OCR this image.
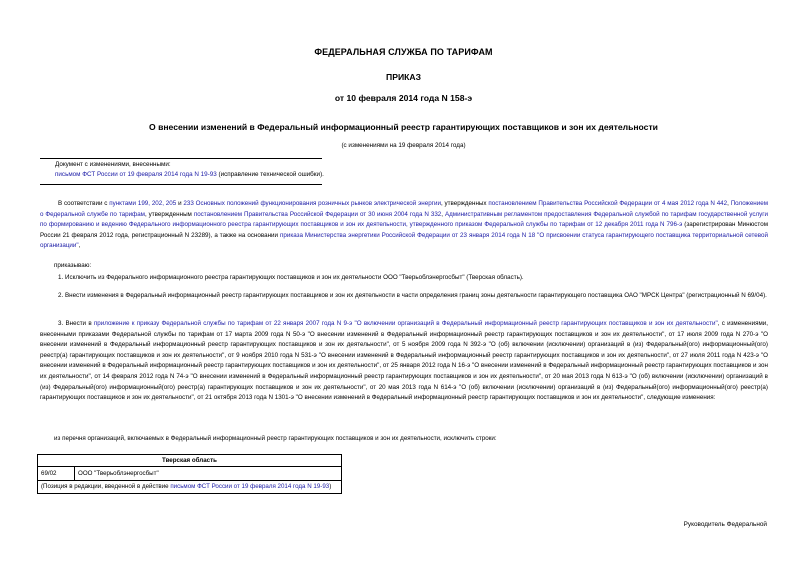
ФЕДЕРАЛЬНАЯ СЛУЖБА ПО ТАРИФАМ
ПРИКАЗ
от 10 февраля 2014 года N 158-э
О внесении изменений в Федеральный информационный реестр гарантирующих поставщиков и зон их деятельности
(с изменениями на 19 февраля 2014 года)
Документ с изменениями, внесенными:
письмом ФСТ России от 19 февраля 2014 года N 19-93 (исправление технической ошибки).
В соответствии с пунктами 199, 202, 205 и 233 Основных положений функционирования розничных рынков электрической энергии, утвержденных постановлением Правительства Российской Федерации от 4 мая 2012 года N 442, Положением о Федеральной службе по тарифам, утвержденным постановлением Правительства Российской Федерации от 30 июня 2004 года N 332, Административным регламентом предоставления Федеральной службой по тарифам государственной услуги по формированию и ведению Федерального информационного реестра гарантирующих поставщиков и зон их деятельности, утвержденного приказом Федеральной службы по тарифам от 12 декабря 2011 года N 796-э (зарегистрирован Минюстом России 21 февраля 2012 года, регистрационный N 23289), а также на основании приказа Министерства энергетики Российской Федерации от 23 января 2014 года N 18 "О присвоении статуса гарантирующего поставщика территориальной сетевой организации",
приказываю:
1. Исключить из Федерального информационного реестра гарантирующих поставщиков и зон их деятельности ООО "Тверьоблэнергосбыт" (Тверская область).
2. Внести изменения в Федеральный информационный реестр гарантирующих поставщиков и зон их деятельности в части определения границ зоны деятельности гарантирующего поставщика ОАО "МРСК Центра" (регистрационный N 69/04).
3. Внести в приложение к приказу Федеральной службы по тарифам от 22 января 2007 года N 9-э "О включении организаций в Федеральный информационный реестр гарантирующих поставщиков и зон их деятельности", с изменениями, внесенными приказами Федеральной службы по тарифам от 17 марта 2009 года N 50-э "О внесении изменений в Федеральный информационный реестр гарантирующих поставщиков и зон их деятельности", от 17 июля 2009 года N 270-э "О внесении изменений в Федеральный информационный реестр гарантирующих поставщиков и зон их деятельности", от 5 ноября 2009 года N 392-э "О (об) включении (исключении) организаций в (из) Федеральный(ого) информационный(ого) реестр(а) гарантирующих поставщиков и зон их деятельности", от 9 ноября 2010 года N 531-э "О внесении изменений в Федеральный информационный реестр гарантирующих поставщиков и зон их деятельности", от 27 июля 2011 года N 423-э "О внесении изменений в Федеральный информационный реестр гарантирующих поставщиков и зон их деятельности", от 25 января 2012 года N 16-э "О внесении изменений в Федеральный информационный реестр гарантирующих поставщиков и зон их деятельности", от 14 февраля 2012 года N 74-э "О внесении изменений в Федеральный информационный реестр гарантирующих поставщиков и зон их деятельности", от 20 мая 2013 года N 613-э "О (об) включении (исключении) организаций в (из) Федеральный(ого) информационный(ого) реестр(а) гарантирующих поставщиков и зон их деятельности", от 20 мая 2013 года N 614-э "О (об) включении (исключении) организаций в (из) Федеральный(ого) информационный(ого) реестр(а) гарантирующих поставщиков и зон их деятельности", от 21 октября 2013 года N 1301-э "О внесении изменений в Федеральный информационный реестр гарантирующих поставщиков и зон их деятельности", следующие изменения:
из перечня организаций, включаемых в Федеральный информационный реестр гарантирующих поставщиков и зон их деятельности, исключить строки:
Тверская область
69/02	ООО "Тверьоблэнергосбыт"
(Позиция в редакции, введенной в действие письмом ФСТ России от 19 февраля 2014 года N 19-93)
Руководитель Федеральной
